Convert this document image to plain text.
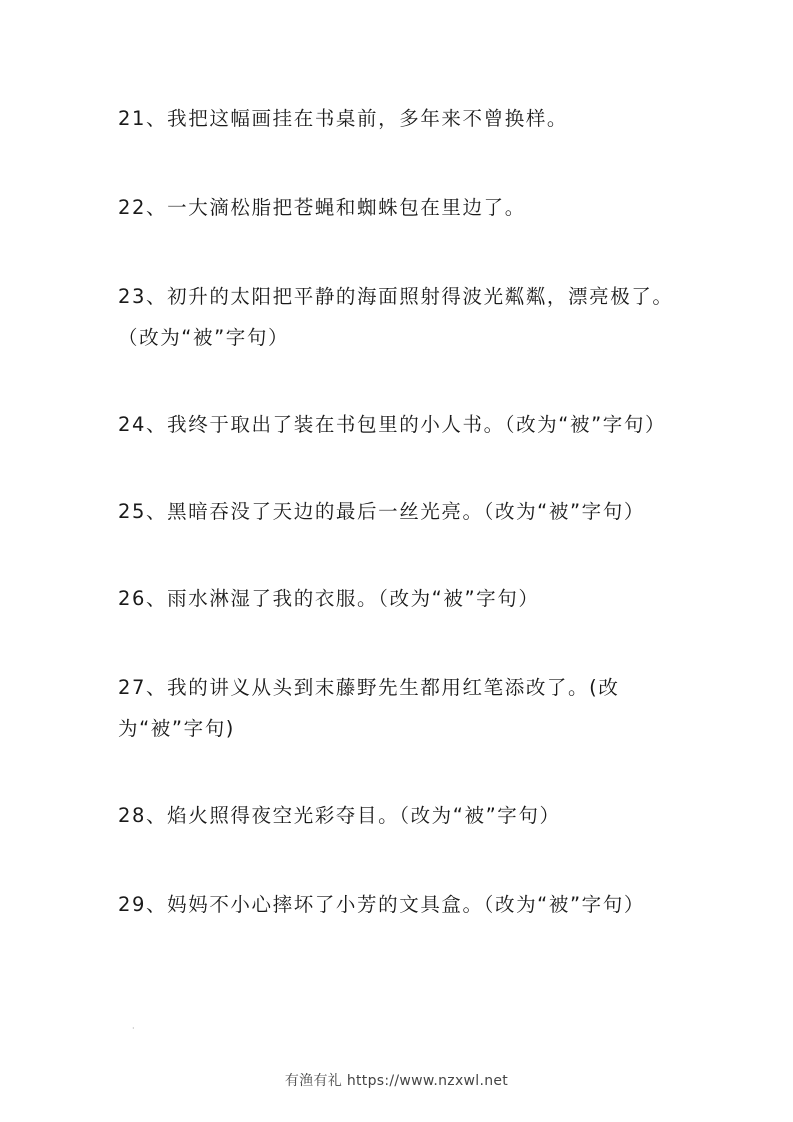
21、我把这幅画挂在书桌前，多年来不曾换样。
________________________________
22、一大滴松脂把苍蝇和蜘蛛包在里边了。
________________________________
23、初升的太阳把平静的海面照射得波光粼粼，漂亮极了。（改为“被”字句）
________________________________
24、我终于取出了装在书包里的小人书。（改为“被”字句）
________________________________
25、黑暗吞没了天边的最后一丝光亮。（改为“被”字句）
________________________________
26、雨水淋湿了我的衣服。（改为“被”字句）
________________________________
27、我的讲义从头到末藤野先生都用红笔添改了。(改为“被”字句)
________________________________
28、焰火照得夜空光彩夺目。（改为“被”字句）
________________________________
29、妈妈不小心摔坏了小芳的文具盒。（改为“被”字句）
·
有渔有礼 https://www.nzxwl.net
